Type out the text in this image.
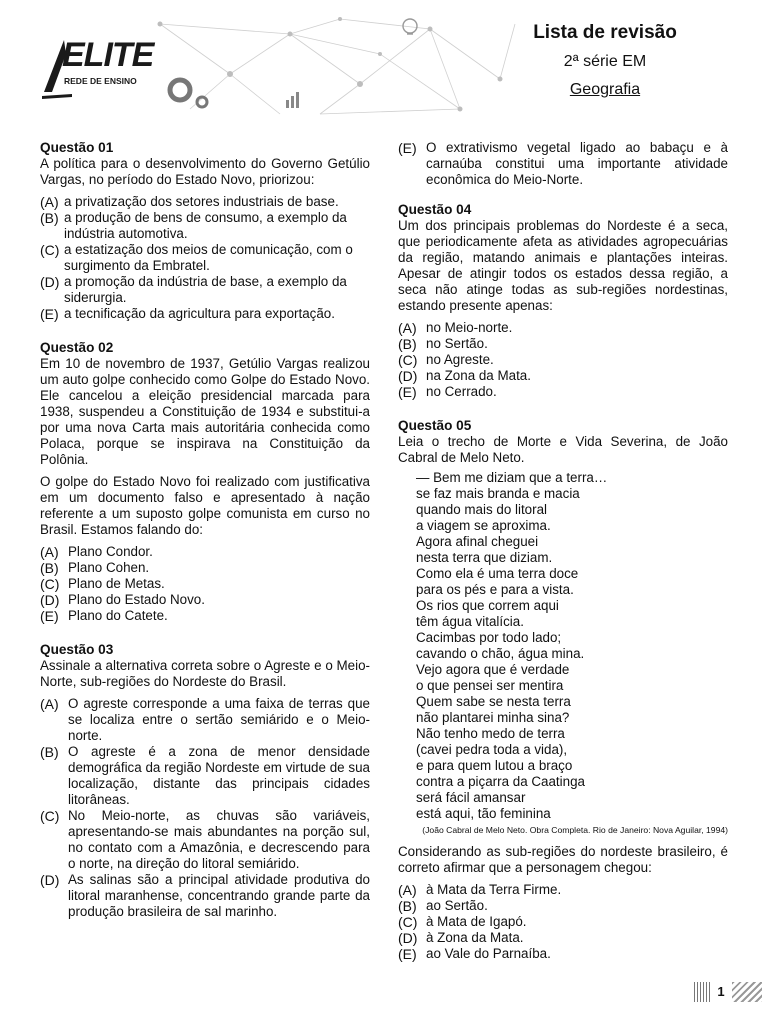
ELITE
REDE DE ENSINO
Lista de revisão
2ª série EM
Geografia
Questão 01
A política para o desenvolvimento do Governo Getúlio Vargas, no período do Estado Novo, priorizou:
(A) a privatização dos setores industriais de base.
(B) a produção de bens de consumo, a exemplo da indústria automotiva.
(C) a estatização dos meios de comunicação, com o surgimento da Embratel.
(D) a promoção da indústria de base, a exemplo da siderurgia.
(E) a tecnificação da agricultura para exportação.
Questão 02
Em 10 de novembro de 1937, Getúlio Vargas realizou um auto golpe conhecido como Golpe do Estado Novo. Ele cancelou a eleição presidencial marcada para 1938, suspendeu a Constituição de 1934 e substitui-a por uma nova Carta mais autoritária conhecida como Polaca, porque se inspirava na Constituição da Polônia.
O golpe do Estado Novo foi realizado com justificativa em um documento falso e apresentado à nação referente a um suposto golpe comunista em curso no Brasil. Estamos falando do:
(A) Plano Condor.
(B) Plano Cohen.
(C) Plano de Metas.
(D) Plano do Estado Novo.
(E) Plano do Catete.
Questão 03
Assinale a alternativa correta sobre o Agreste e o Meio-Norte, sub-regiões do Nordeste do Brasil.
(A) O agreste corresponde a uma faixa de terras que se localiza entre o sertão semiárido e o Meio-norte.
(B) O agreste é a zona de menor densidade demográfica da região Nordeste em virtude de sua localização, distante das principais cidades litorâneas.
(C) No Meio-norte, as chuvas são variáveis, apresentando-se mais abundantes na porção sul, no contato com a Amazônia, e decrescendo para o norte, na direção do litoral semiárido.
(D) As salinas são a principal atividade produtiva do litoral maranhense, concentrando grande parte da produção brasileira de sal marinho.
(E) O extrativismo vegetal ligado ao babaçu e à carnaúba constitui uma importante atividade econômica do Meio-Norte.
Questão 04
Um dos principais problemas do Nordeste é a seca, que periodicamente afeta as atividades agropecuárias da região, matando animais e plantações inteiras. Apesar de atingir todos os estados dessa região, a seca não atinge todas as sub-regiões nordestinas, estando presente apenas:
(A) no Meio-norte.
(B) no Sertão.
(C) no Agreste.
(D) na Zona da Mata.
(E) no Cerrado.
Questão 05
Leia o trecho de Morte e Vida Severina, de João Cabral de Melo Neto.
— Bem me diziam que a terra…
se faz mais branda e macia
quando mais do litoral
a viagem se aproxima.
Agora afinal cheguei
nesta terra que diziam.
Como ela é uma terra doce
para os pés e para a vista.
Os rios que correm aqui
têm água vitalícia.
Cacimbas por todo lado;
cavando o chão, água mina.
Vejo agora que é verdade
o que pensei ser mentira
Quem sabe se nesta terra
não plantarei minha sina?
Não tenho medo de terra
(cavei pedra toda a vida),
e para quem lutou a braço
contra a piçarra da Caatinga
será fácil amansar
está aqui, tão feminina
(João Cabral de Melo Neto. Obra Completa. Rio de Janeiro: Nova Aguilar, 1994)
Considerando as sub-regiões do nordeste brasileiro, é correto afirmar que a personagem chegou:
(A) à Mata da Terra Firme.
(B) ao Sertão.
(C) à Mata de Igapó.
(D) à Zona da Mata.
(E) ao Vale do Parnaíba.
1
